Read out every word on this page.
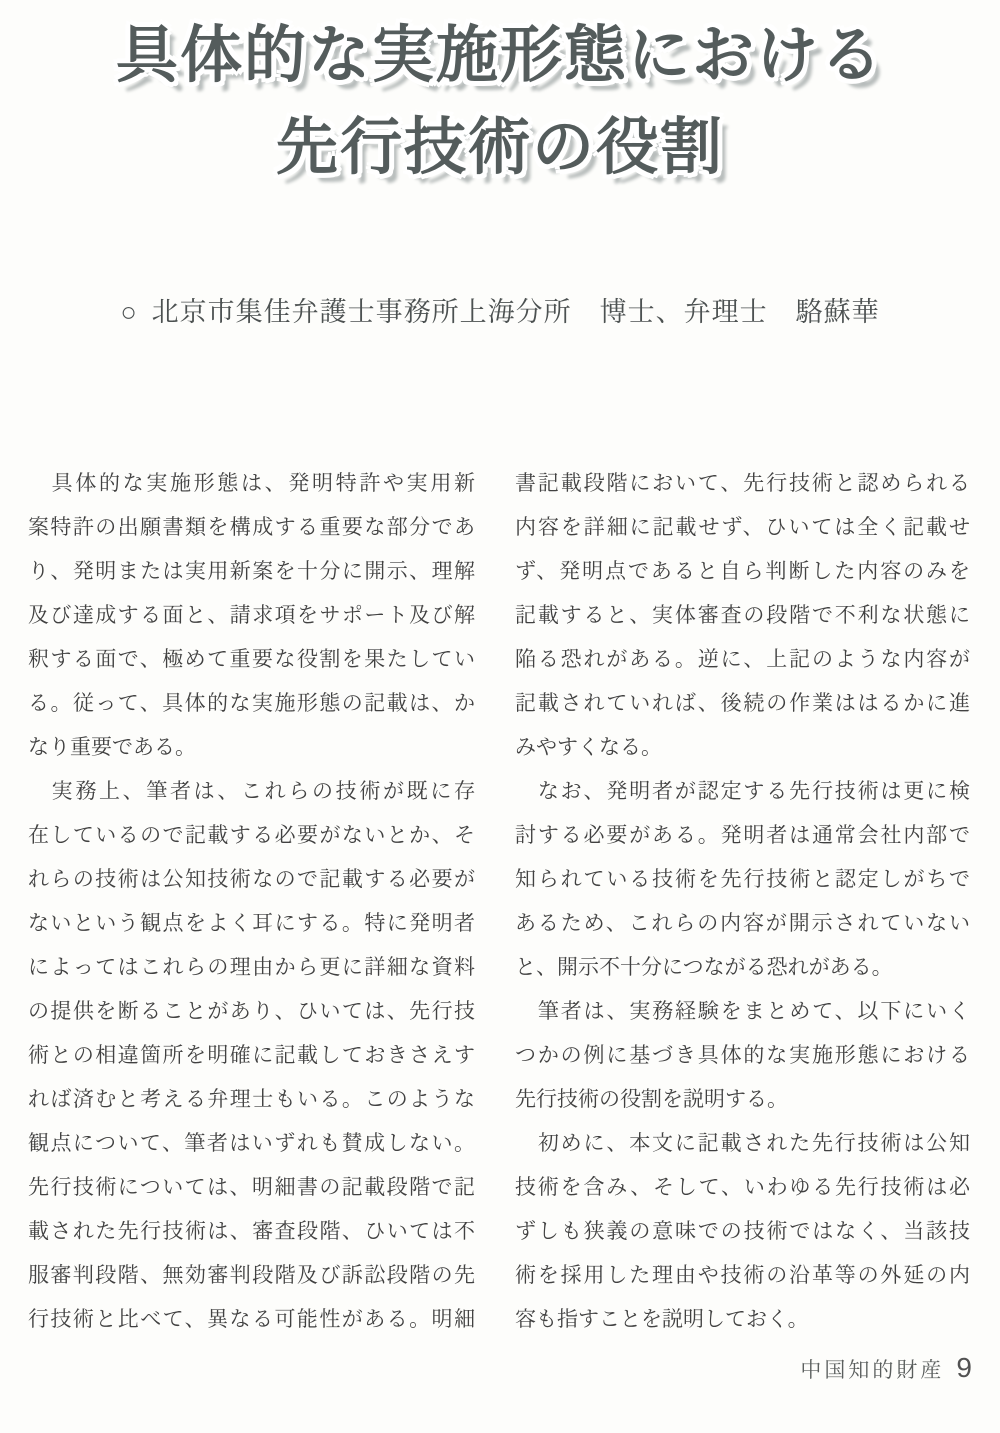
具体的な実施形態における
先行技術の役割
○ 北京市集佳弁護士事務所上海分所　博士、弁理士　駱蘇華
　具体的な実施形態は、発明特許や実用新
案特許の出願書類を構成する重要な部分であ
り、発明または実用新案を十分に開示、理解
及び達成する面と、請求項をサポート及び解
釈する面で、極めて重要な役割を果たしてい
る。従って、具体的な実施形態の記載は、か
なり重要である。
　実務上、筆者は、これらの技術が既に存
在しているので記載する必要がないとか、そ
れらの技術は公知技術なので記載する必要が
ないという観点をよく耳にする。特に発明者
によってはこれらの理由から更に詳細な資料
の提供を断ることがあり、ひいては、先行技
術との相違箇所を明確に記載しておきさえす
れば済むと考える弁理士もいる。このような
観点について、筆者はいずれも賛成しない。
先行技術については、明細書の記載段階で記
載された先行技術は、審査段階、ひいては不
服審判段階、無効審判段階及び訴訟段階の先
行技術と比べて、異なる可能性がある。明細
書記載段階において、先行技術と認められる
内容を詳細に記載せず、ひいては全く記載せ
ず、発明点であると自ら判断した内容のみを
記載すると、実体審査の段階で不利な状態に
陥る恐れがある。逆に、上記のような内容が
記載されていれば、後続の作業ははるかに進
みやすくなる。
　なお、発明者が認定する先行技術は更に検
討する必要がある。発明者は通常会社内部で
知られている技術を先行技術と認定しがちで
あるため、これらの内容が開示されていない
と、開示不十分につながる恐れがある。
　筆者は、実務経験をまとめて、以下にいく
つかの例に基づき具体的な実施形態における
先行技術の役割を説明する。
　初めに、本文に記載された先行技術は公知
技術を含み、そして、いわゆる先行技術は必
ずしも狭義の意味での技術ではなく、当該技
術を採用した理由や技術の沿革等の外延の内
容も指すことを説明しておく。
中国知的財産 9
